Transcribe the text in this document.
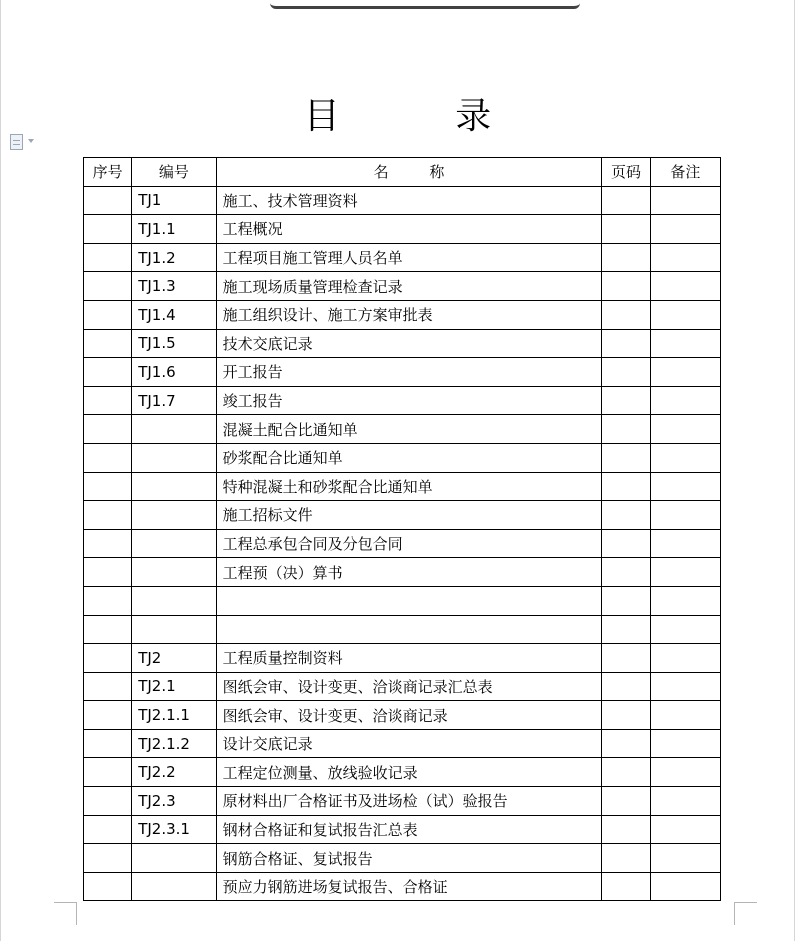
目 录
序号	编号	名 称	页码	备注
	TJ1	施工、技术管理资料		
	TJ1.1	工程概况		
	TJ1.2	工程项目施工管理人员名单		
	TJ1.3	施工现场质量管理检查记录		
	TJ1.4	施工组织设计、施工方案审批表		
	TJ1.5	技术交底记录		
	TJ1.6	开工报告		
	TJ1.7	竣工报告		
		混凝土配合比通知单		
		砂浆配合比通知单		
		特种混凝土和砂浆配合比通知单		
		施工招标文件		
		工程总承包合同及分包合同		
		工程预（决）算书		

	TJ2	工程质量控制资料		
	TJ2.1	图纸会审、设计变更、洽谈商记录汇总表		
	TJ2.1.1	图纸会审、设计变更、洽谈商记录		
	TJ2.1.2	设计交底记录		
	TJ2.2	工程定位测量、放线验收记录		
	TJ2.3	原材料出厂合格证书及进场检（试）验报告		
	TJ2.3.1	钢材合格证和复试报告汇总表		
		钢筋合格证、复试报告		
		预应力钢筋进场复试报告、合格证		
